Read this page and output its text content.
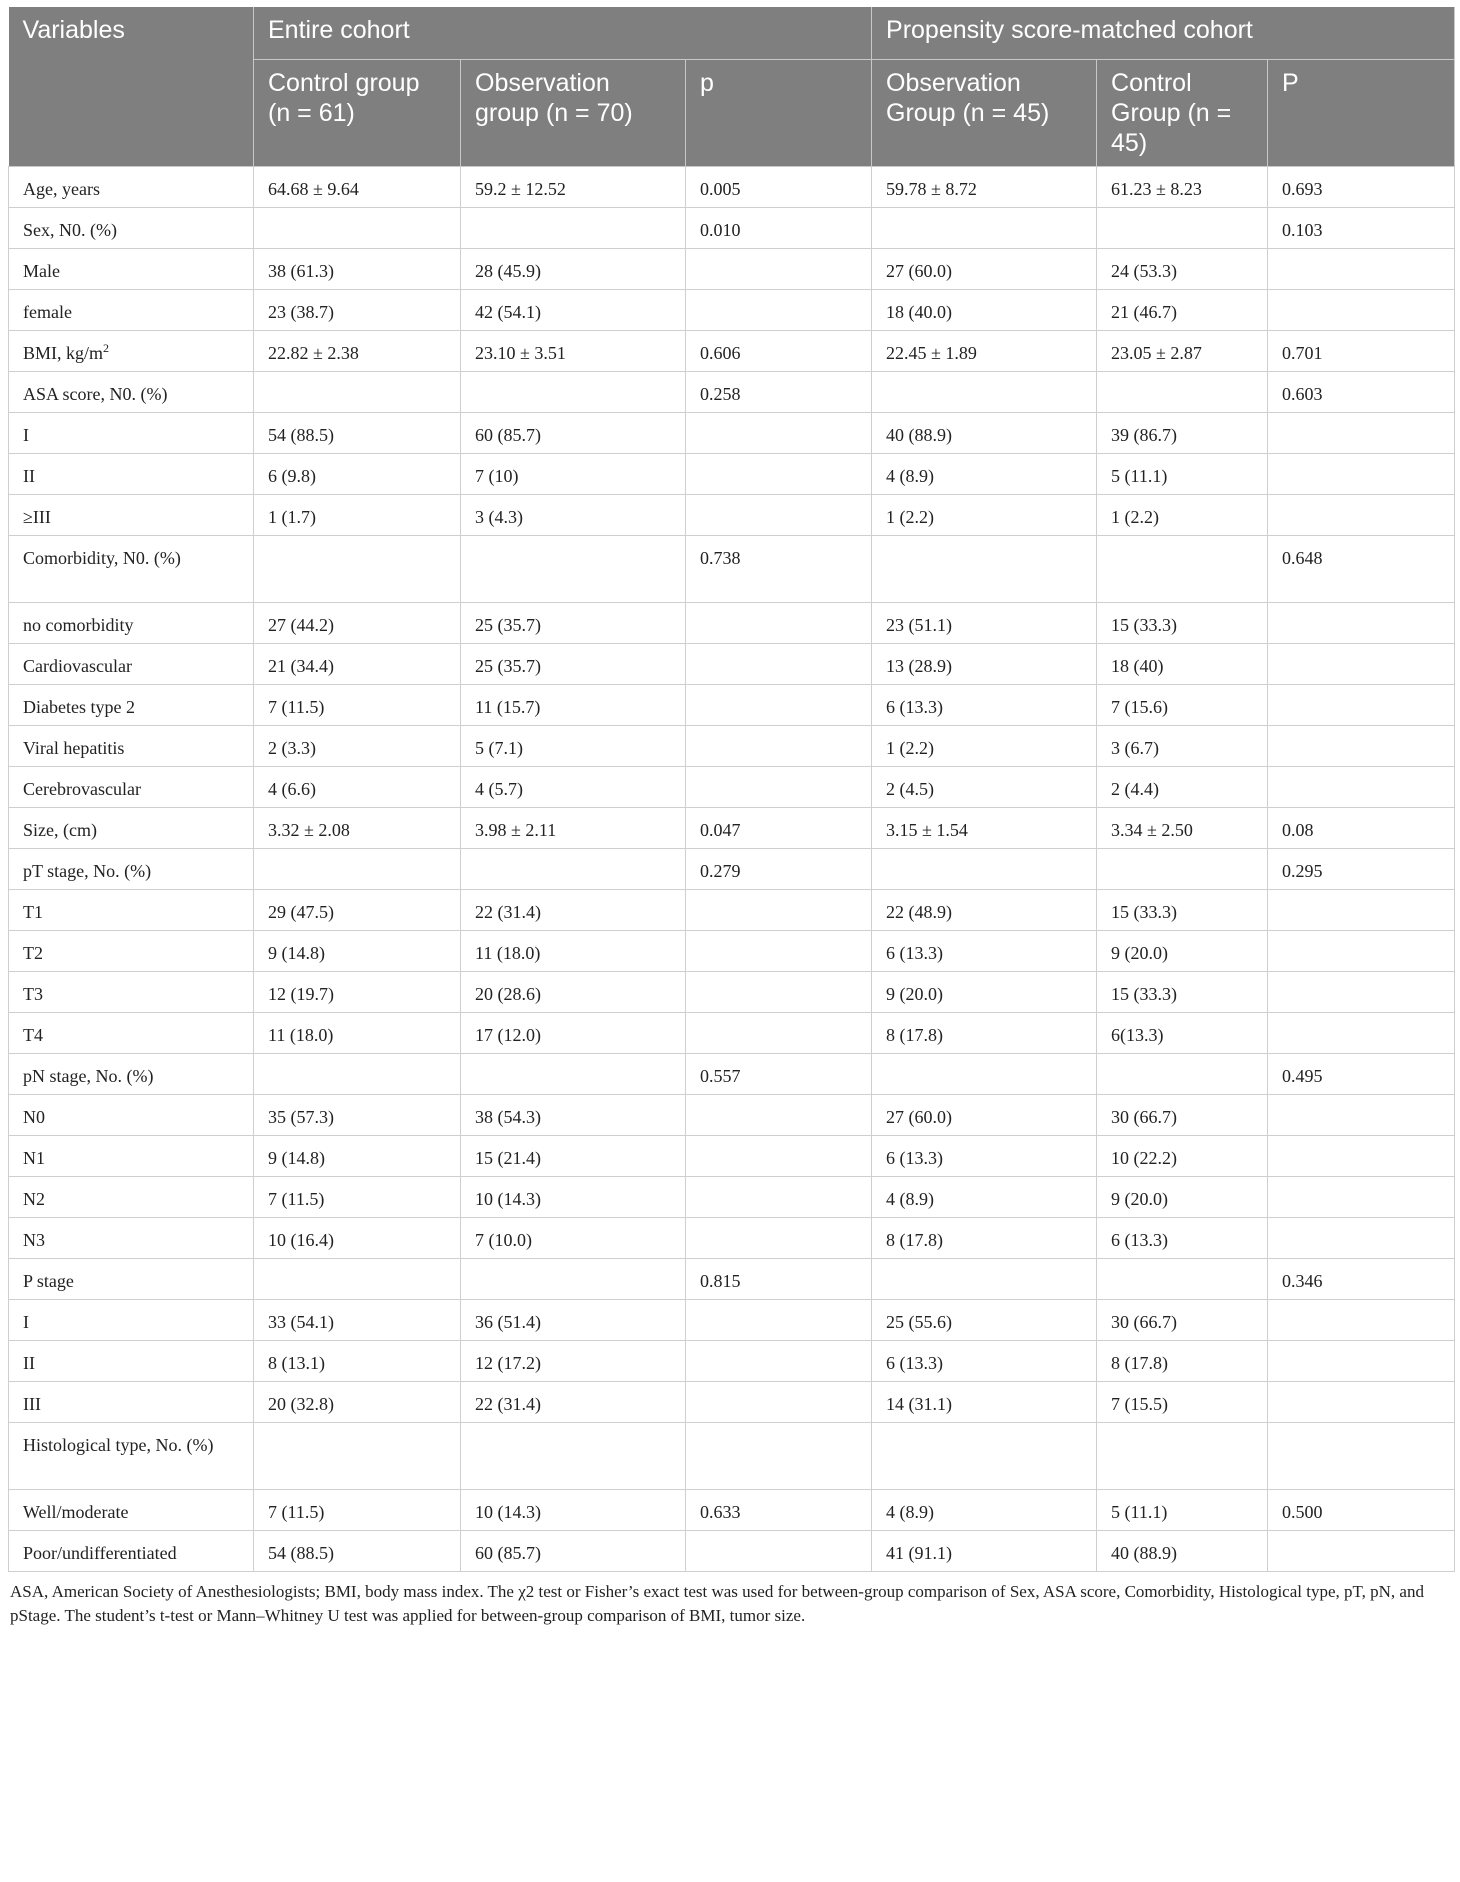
Variables	Entire cohort			Propensity score-matched cohort		
	Control group (n = 61)	Observation group (n = 70)	p	Observation Group (n = 45)	Control Group (n = 45)	P
Age, years	64.68 ± 9.64	59.2 ± 12.52	0.005	59.78 ± 8.72	61.23 ± 8.23	0.693
Sex, N0. (%)			0.010			0.103
Male	38 (61.3)	28 (45.9)		27 (60.0)	24 (53.3)	
female	23 (38.7)	42 (54.1)		18 (40.0)	21 (46.7)	
BMI, $kg/m^2$	22.82 ± 2.38	23.10 ± 3.51	0.606	22.45 ± 1.89	23.05 ± 2.87	0.701
ASA score, N0. (%)			0.258			0.603
I	54 (88.5)	60 (85.7)		40 (88.9)	39 (86.7)	
II	6 (9.8)	7 (10)		4 (8.9)	5 (11.1)	
≥III	1 (1.7)	3 (4.3)		1 (2.2)	1 (2.2)	
Comorbidity, N0. (%)			0.738			0.648
no comorbidity	27 (44.2)	25 (35.7)		23 (51.1)	15 (33.3)	
Cardiovascular	21 (34.4)	25 (35.7)		13 (28.9)	18 (40)	
Diabetes type 2	7 (11.5)	11 (15.7)		6 (13.3)	7 (15.6)	
Viral hepatitis	2 (3.3)	5 (7.1)		1 (2.2)	3 (6.7)	
Cerebrovascular	4 (6.6)	4 (5.7)		2 (4.5)	2 (4.4)	
Size, (cm)	3.32 ± 2.08	3.98 ± 2.11	0.047	3.15 ± 1.54	3.34 ± 2.50	0.08
pT stage, No. (%)			0.279			0.295
T1	29 (47.5)	22 (31.4)		22 (48.9)	15 (33.3)	
T2	9 (14.8)	11 (18.0)		6 (13.3)	9 (20.0)	
T3	12 (19.7)	20 (28.6)		9 (20.0)	15 (33.3)	
T4	11 (18.0)	17 (12.0)		8 (17.8)	6(13.3)	
pN stage, No. (%)			0.557			0.495
N0	35 (57.3)	38 (54.3)		27 (60.0)	30 (66.7)	
N1	9 (14.8)	15 (21.4)		6 (13.3)	10 (22.2)	
N2	7 (11.5)	10 (14.3)		4 (8.9)	9 (20.0)	
N3	10 (16.4)	7 (10.0)		8 (17.8)	6 (13.3)	
P stage			0.815			0.346
I	33 (54.1)	36 (51.4)		25 (55.6)	30 (66.7)	
II	8 (13.1)	12 (17.2)		6 (13.3)	8 (17.8)	
III	20 (32.8)	22 (31.4)		14 (31.1)	7 (15.5)	
Histological type, No. (%)						
Well/moderate	7 (11.5)	10 (14.3)	0.633	4 (8.9)	5 (11.1)	0.500
Poor/undifferentiated	54 (88.5)	60 (85.7)		41 (91.1)	40 (88.9)	
ASA, American Society of Anesthesiologists; BMI, body mass index. The χ2 test or Fisher’s exact test was used for between-group comparison of Sex, ASA score, Comorbidity, Histological type, pT, pN, and pStage. The student’s t-test or Mann–Whitney U test was applied for between-group comparison of BMI, tumor size.
